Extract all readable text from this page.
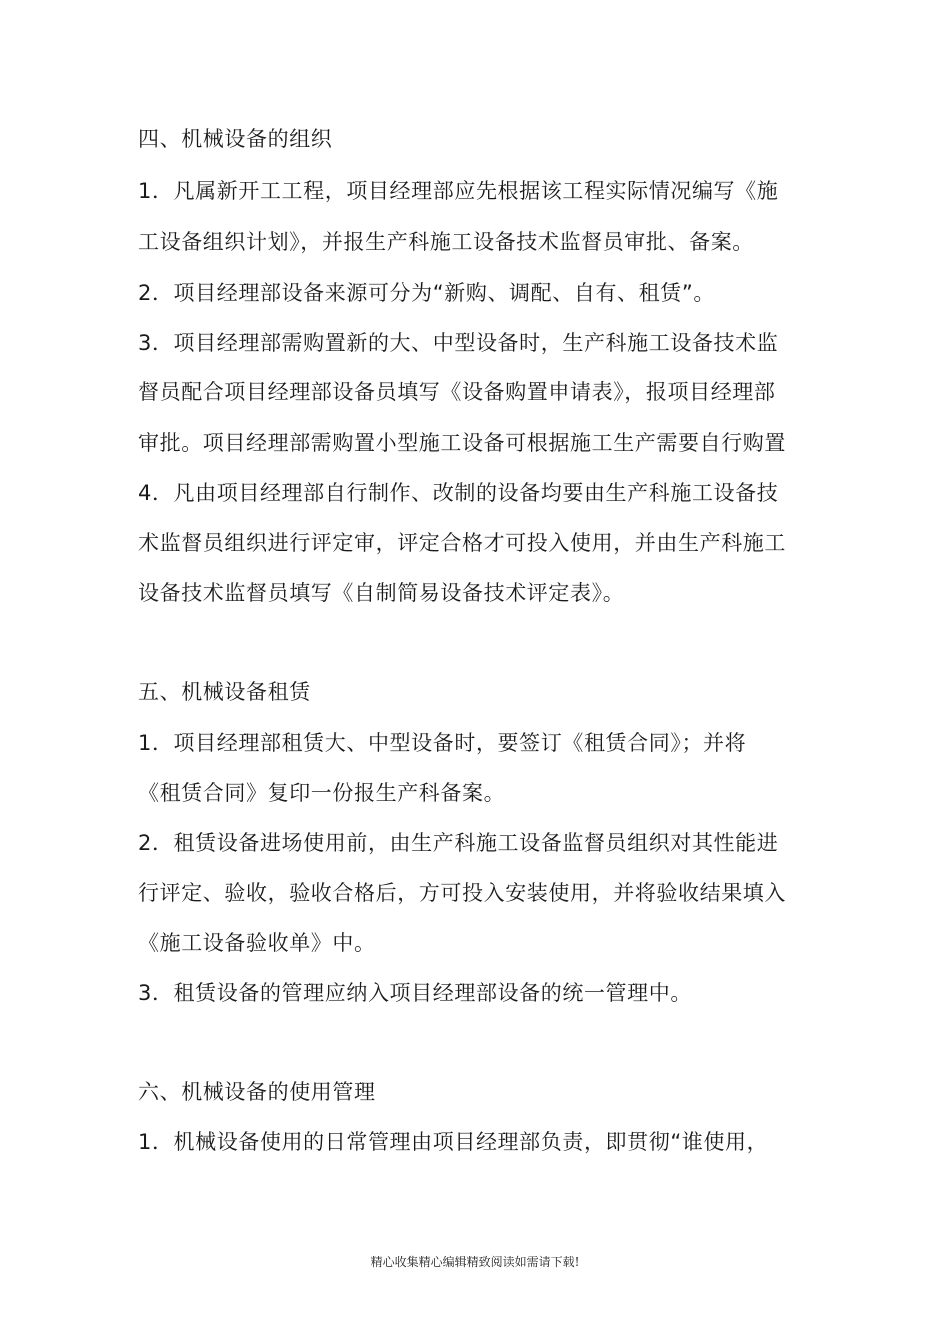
四、机械设备的组织
1．凡属新开工工程，项目经理部应先根据该工程实际情况编写《施
工设备组织计划》，并报生产科施工设备技术监督员审批、备案。
2．项目经理部设备来源可分为“新购、调配、自有、租赁”。
3．项目经理部需购置新的大、中型设备时，生产科施工设备技术监
督员配合项目经理部设备员填写《设备购置申请表》，报项目经理部
审批。项目经理部需购置小型施工设备可根据施工生产需要自行购置
4．凡由项目经理部自行制作、改制的设备均要由生产科施工设备技
术监督员组织进行评定审，评定合格才可投入使用，并由生产科施工
设备技术监督员填写《自制简易设备技术评定表》。
五、机械设备租赁
1．项目经理部租赁大、中型设备时，要签订《租赁合同》；并将
《租赁合同》复印一份报生产科备案。
2．租赁设备进场使用前，由生产科施工设备监督员组织对其性能进
行评定、验收，验收合格后，方可投入安装使用，并将验收结果填入
《施工设备验收单》中。
3．租赁设备的管理应纳入项目经理部设备的统一管理中。
六、机械设备的使用管理
1．机械设备使用的日常管理由项目经理部负责，即贯彻“谁使用，
精心收集精心编辑精致阅读如需请下载!
